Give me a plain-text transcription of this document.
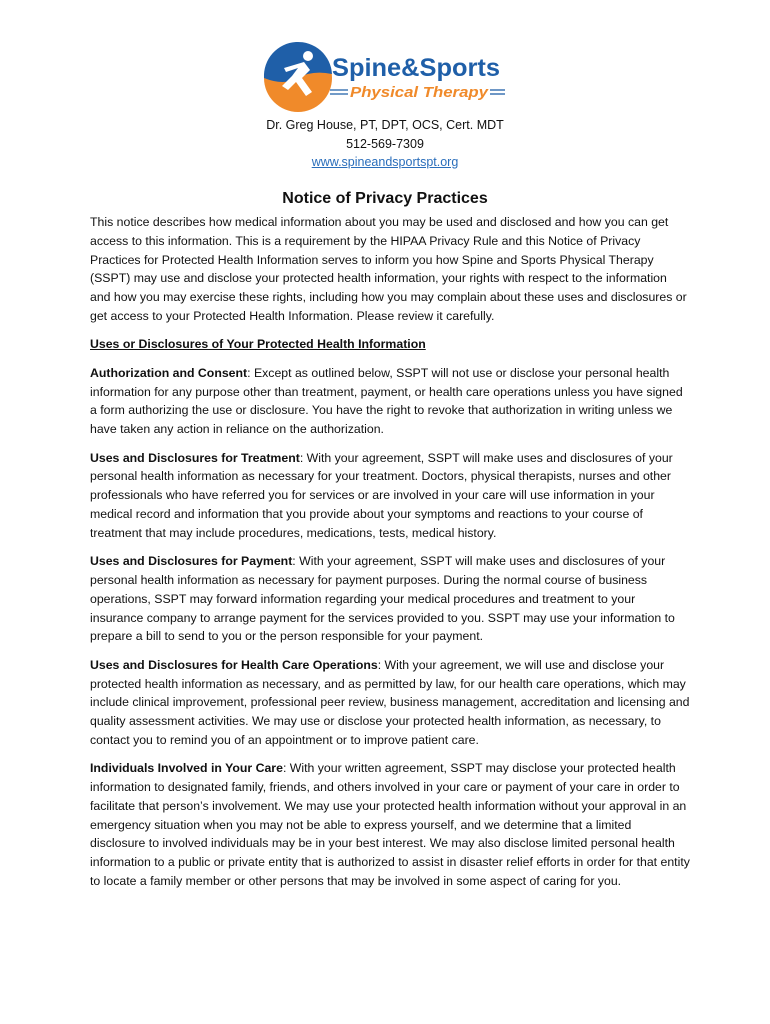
Spine&Sports
Physical Therapy
Dr. Greg House, PT, DPT, OCS, Cert. MDT
512-569-7309
www.spineandsportspt.org
Notice of Privacy Practices

This notice describes how medical information about you may be used and disclosed and how you can get access to this information. This is a requirement by the HIPAA Privacy Rule and this Notice of Privacy Practices for Protected Health Information serves to inform you how Spine and Sports Physical Therapy (SSPT) may use and disclose your protected health information, your rights with respect to the information and how you may exercise these rights, including how you may complain about these uses and disclosures or get access to your Protected Health Information. Please review it carefully.

Uses or Disclosures of Your Protected Health Information

Authorization and Consent: Except as outlined below, SSPT will not use or disclose your personal health information for any purpose other than treatment, payment, or health care operations unless you have signed a form authorizing the use or disclosure. You have the right to revoke that authorization in writing unless we have taken any action in reliance on the authorization.

Uses and Disclosures for Treatment: With your agreement, SSPT will make uses and disclosures of your personal health information as necessary for your treatment. Doctors, physical therapists, nurses and other professionals who have referred you for services or are involved in your care will use information in your medical record and information that you provide about your symptoms and reactions to your course of treatment that may include procedures, medications, tests, medical history.

Uses and Disclosures for Payment: With your agreement, SSPT will make uses and disclosures of your personal health information as necessary for payment purposes. During the normal course of business operations, SSPT may forward information regarding your medical procedures and treatment to your insurance company to arrange payment for the services provided to you. SSPT may use your information to prepare a bill to send to you or the person responsible for your payment.

Uses and Disclosures for Health Care Operations: With your agreement, we will use and disclose your protected health information as necessary, and as permitted by law, for our health care operations, which may include clinical improvement, professional peer review, business management, accreditation and licensing and quality assessment activities. We may use or disclose your protected health information, as necessary, to contact you to remind you of an appointment or to improve patient care.

Individuals Involved in Your Care: With your written agreement, SSPT may disclose your protected health information to designated family, friends, and others involved in your care or payment of your care in order to facilitate that person’s involvement. We may use your protected health information without your approval in an emergency situation when you may not be able to express yourself, and we determine that a limited disclosure to involved individuals may be in your best interest. We may also disclose limited personal health information to a public or private entity that is authorized to assist in disaster relief efforts in order for that entity to locate a family member or other persons that may be involved in some aspect of caring for you.
